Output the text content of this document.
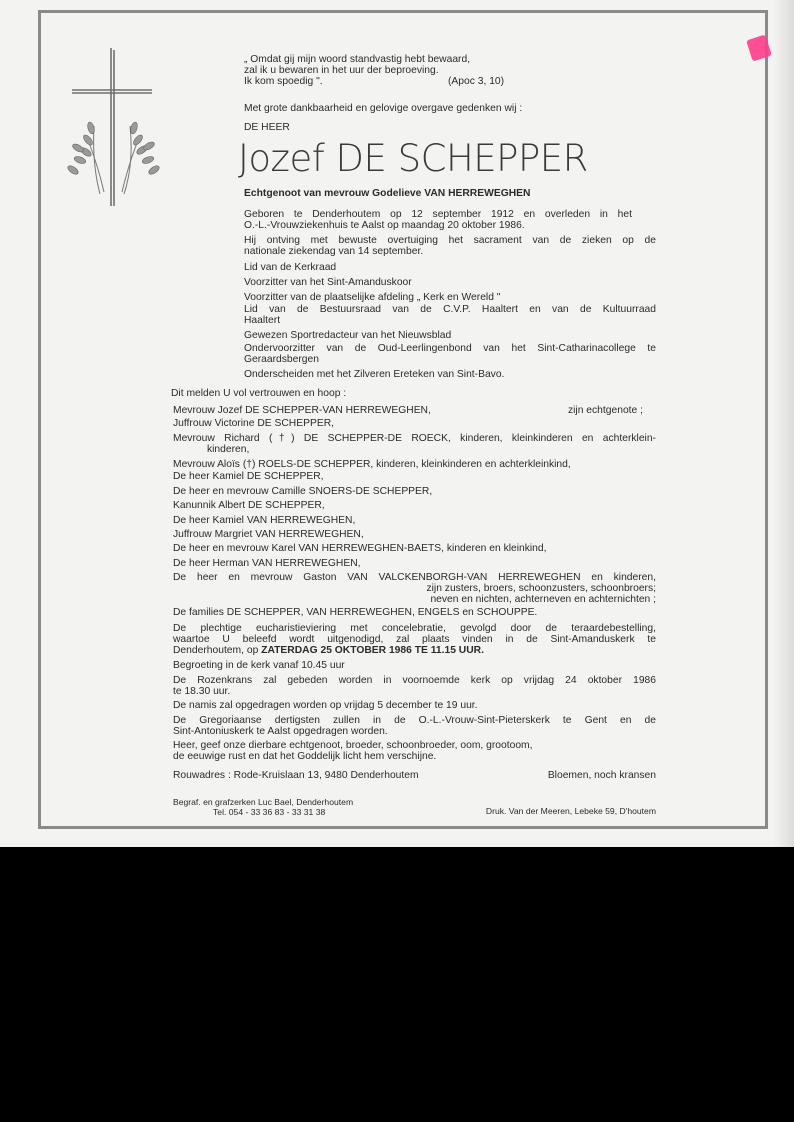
„ Omdat gij mijn woord standvastig hebt bewaard,

zal ik u bewaren in het uur der beproeving.

Ik kom spoedig ".	(Apoc 3, 10)

Met grote dankbaarheid en gelovige overgave gedenken wij :

DE HEER

Jozef DE SCHEPPER

Echtgenoot van mevrouw Godelieve VAN HERREWEGHEN

Geboren te Denderhoutem op 12 september 1912 en overleden in het

O.-L.-Vrouwziekenhuis te Aalst op maandag 20 oktober 1986.

Hij ontving met bewuste overtuiging het sacrament van de zieken op de

nationale ziekendag van 14 september.

Lid van de Kerkraad

Voorzitter van het Sint-Amanduskoor

Voorzitter van de plaatselijke afdeling „ Kerk en Wereld "

Lid van de Bestuursraad van de C.V.P. Haaltert en van de Kultuurraad

Haaltert

Gewezen Sportredacteur van het Nieuwsblad

Ondervoorzitter van de Oud-Leerlingenbond van het Sint-Catharinacollege te

Geraardsbergen

Onderscheiden met het Zilveren Ereteken van Sint-Bavo.

Dit melden U vol vertrouwen en hoop :

Mevrouw Jozef DE SCHEPPER-VAN HERREWEGHEN,	zijn echtgenote ;

Juffrouw Victorine DE SCHEPPER,

Mevrouw Richard (†) DE SCHEPPER-DE ROECK, kinderen, kleinkinderen en achterklein-

kinderen,

Mevrouw Aloïs (†) ROELS-DE SCHEPPER, kinderen, kleinkinderen en achterkleinkind,

De heer Kamiel DE SCHEPPER,

De heer en mevrouw Camille SNOERS-DE SCHEPPER,

Kanunnik Albert DE SCHEPPER,

De heer Kamiel VAN HERREWEGHEN,

Juffrouw Margriet VAN HERREWEGHEN,

De heer en mevrouw Karel VAN HERREWEGHEN-BAETS, kinderen en kleinkind,

De heer Herman VAN HERREWEGHEN,

De heer en mevrouw Gaston VAN VALCKENBORGH-VAN HERREWEGHEN en kinderen,

zijn zusters, broers, schoonzusters, schoonbroers;

neven en nichten, achterneven en achternichten ;

De families DE SCHEPPER, VAN HERREWEGHEN, ENGELS en SCHOUPPE.

De plechtige eucharistieviering met concelebratie, gevolgd door de teraardebestelling,

waartoe U beleefd wordt uitgenodigd, zal plaats vinden in de Sint-Amanduskerk te

Denderhoutem, op ZATERDAG 25 OKTOBER 1986 TE 11.15 UUR.

Begroeting in de kerk vanaf 10.45 uur

De Rozenkrans zal gebeden worden in voornoemde kerk op vrijdag 24 oktober 1986

te 18.30 uur.

De namis zal opgedragen worden op vrijdag 5 december te 19 uur.

De Gregoriaanse dertigsten zullen in de O.-L.-Vrouw-Sint-Pieterskerk te Gent en de

Sint-Antoniuskerk te Aalst opgedragen worden.

Heer, geef onze dierbare echtgenoot, broeder, schoonbroeder, oom, grootoom,

de eeuwige rust en dat het Goddelijk licht hem verschijne.

Rouwadres : Rode-Kruislaan 13, 9480 Denderhoutem	Bloemen, noch kransen

Begraf. en grafzerken Luc Bael, Denderhoutem

Tel. 054 - 33 36 83 - 33 31 38	Druk. Van der Meeren, Lebeke 59, D'houtem
